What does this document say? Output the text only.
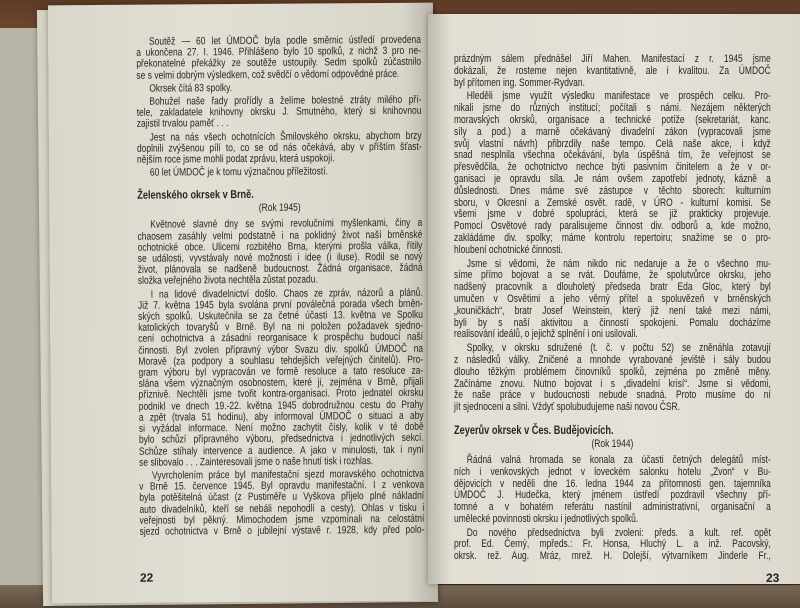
Soutěž — 60 let ÚMDOČ byla podle směrnic ústředí provedena
a ukončena 27. I. 1946. Přihlášeno bylo 10 spolků, z nichž 3 pro ne-
překonatelné překážky ze soutěže ustoupily. Sedm spolků zúčastnilo
se s velmi dobrým výsledkem, což svědčí o vědomí odpovědné práce.
Okrsek čítá 83 spolky.
Bohužel naše řady prořídly a želíme bolestné ztráty milého pří-
tele, zakladatele knihovny okrsku J. Smutného, který si knihovnou
zajistil trvalou paměť . . .
Jest na nás všech ochotnících Šmilovského okrsku, abychom brzy
doplnili zvýšenou pílí to, co se od nás očekává, aby v příštím šťast-
nějším roce jsme mohli podat zprávu, která uspokojí.
60 let ÚMDOČ je k tomu význačnou příležitostí.
Želenského okrsek v Brně.
(Rok 1945)
Květnové slavné dny se svými revolučními myšlenkami, činy a
chaosem zasáhly velmi podstatně i na poklidný život naší brněnské
ochotnické obce. Ulicemi rozbitého Brna, kterými prošla válka, řítily
se události, vyvstávaly nové možnosti i idee (i iluse). Rodil se nový
život, plánovala se nadšeně budoucnost. Žádná organisace, žádná
složka veřejného života nechtěla zůstat pozadu.
I na lidové divadelnictví došlo. Chaos ze zpráv, názorů a plánů.
Již 7. května 1945 byla svolána první poválečná porada všech brněn-
ských spolků. Uskutečnila se za četné účasti 13. května ve Spolku
katolických tovaryšů v Brně. Byl na ni položen požadavek sjedno-
cení ochotnictva a zásadní reorganisace k prospěchu budoucí naší
činnosti. Byl zvolen přípravný výbor Svazu div. spolků ÚMDOČ na
Moravě (za podpory a souhlasu tehdejších veřejných činitelů). Pro-
gram výboru byl vypracován ve formě resoluce a tato resoluce za-
slána všem význačným osobnostem, které ji, zejména v Brně, přijali
příznivě. Nechtěli jsme tvořit kontra-organisaci. Proto jednatel okrsku
podnikl ve dnech 19.-22. května 1945 dobrodružnou cestu do Prahy
a zpět (trvala 51 hodinu), aby informoval ÚMDOČ o situaci a aby
si vyžádal informace. Není možno zachytit čísly, kolik v té době
bylo schůzí přípravného výboru, předsednictva i jednotlivých sekcí.
Schůze stíhaly intervence a audience. A jako v minulosti, tak i nyní
se slibovalo . . . Zainteresovali jsme o naše hnutí tisk i rozhlas.
Vyvrcholením práce byl manifestační sjezd moravského ochotnictva
v Brně 15. července 1945. Byl opravdu manifestační. I z venkova
byla potěšitelná účast (z Pustiměře u Vyškova přijelo plné nákladní
auto divadelníků, kteří se nebáli nepohodlí a cesty). Ohlas v tisku i
veřejnosti byl pěkný. Mimochodem jsme vzpomínali na celostátní
sjezd ochotnictva v Brně o jubilejní výstavě r. 1928, kdy před polo-
22
prázdným sálem přednášel Jiří Mahen. Manifestací z r. 1945 jsme
dokázali, že rosteme nejen kvantitativně, ale i kvalitou. Za ÚMDOČ
byl přítomen ing. Sommer-Rydvan.
Hleděli jsme využít výsledku manifestace ve prospěch celku. Pro-
nikali jsme do různých institucí; počítali s námi. Nezájem některých
moravských okrsků, organisace a technické potíže (sekretariát, kanc.
síly a pod.) a marně očekávaný divadelní zákon (vypracovali jsme
svůj vlastní návrh) přibrzdily naše tempo. Celá naše akce, i když
snad nesplnila všechna očekávání, byla úspěšná tím, že veřejnost se
přesvědčila, že ochotnictvo nechce býti pasivním činitelem a že v or-
ganisaci je opravdu síla. Je nám ovšem zapotřebí jednoty, kázně a
důslednosti. Dnes máme své zástupce v těchto sborech: kulturním
sboru, v Okresní a Zemské osvět. radě, v ÚRO - kulturní komisi. Se
všemi jsme v dobré spolupráci, která se již prakticky projevuje.
Pomocí Osvětové rady paralisujeme činnost div. odborů a, kde možno,
zakládáme div. spolky; máme kontrolu repertoiru; snažíme se o pro-
hloubení ochotnické činnosti.
Jsme si vědomi, že nám nikdo nic nedaruje a že o všechno mu-
síme přímo bojovat a se rvát. Doufáme, že spolutvůrce okrsku, jeho
nadšený pracovník a dlouholetý předseda bratr Eda Gloc, který byl
umučen v Osvětimi a jeho věrný přítel a spoluvězeň v brněnských
„kouničkách“, bratr Josef Weinstein, který již není také mezi námi,
byli by s naší aktivitou a činností spokojeni. Pomalu docházíme
realisování ideálů, o jejichž splnění i oni usilovali.
Spolky, v okrsku sdružené (t. č. v počtu 52) se zněnáhla zotavují
z následků války. Zničené a mnohde vyrabované jeviště i sály budou
dlouho těžkým problémem činovníků spolků, zejména po změně měny.
Začínáme znovu. Nutno bojovat i s „divadelní krisí“. Jsme si vědomi,
že naše práce v budoucnosti nebude snadná. Proto musíme do ní
jít sjednoceni a silni. Vždyť spolubudujeme naši novou ČSR.
Zeyerův okrsek v Čes. Budějovicích.
(Rok 1944)
Řádná valná hromada se konala za účasti četných delegátů míst-
ních i venkovských jednot v loveckém salonku hotelu „Zvon“ v Bu-
dějovicích v neděli dne 16. ledna 1944 za přítomnosti gen. tajemníka
ÚMDOČ J. Hudečka, který jménem ústředí pozdravil všechny pří-
tomné a v bohatém referátu nastínil administrativní, organisační a
umělecké povinnosti okrsku i jednotlivých spolků.
Do nového předsednictva byli zvoleni: předs. a kult. ref. opět
prof. Ed. Černý, mpředs.: Fr. Honsa, Hluchý L. a inž. Pacovský,
okrsk. rež. Aug. Mráz, mrež. H. Dolejší, výtvarníkem Jinderle Fr.,
23
